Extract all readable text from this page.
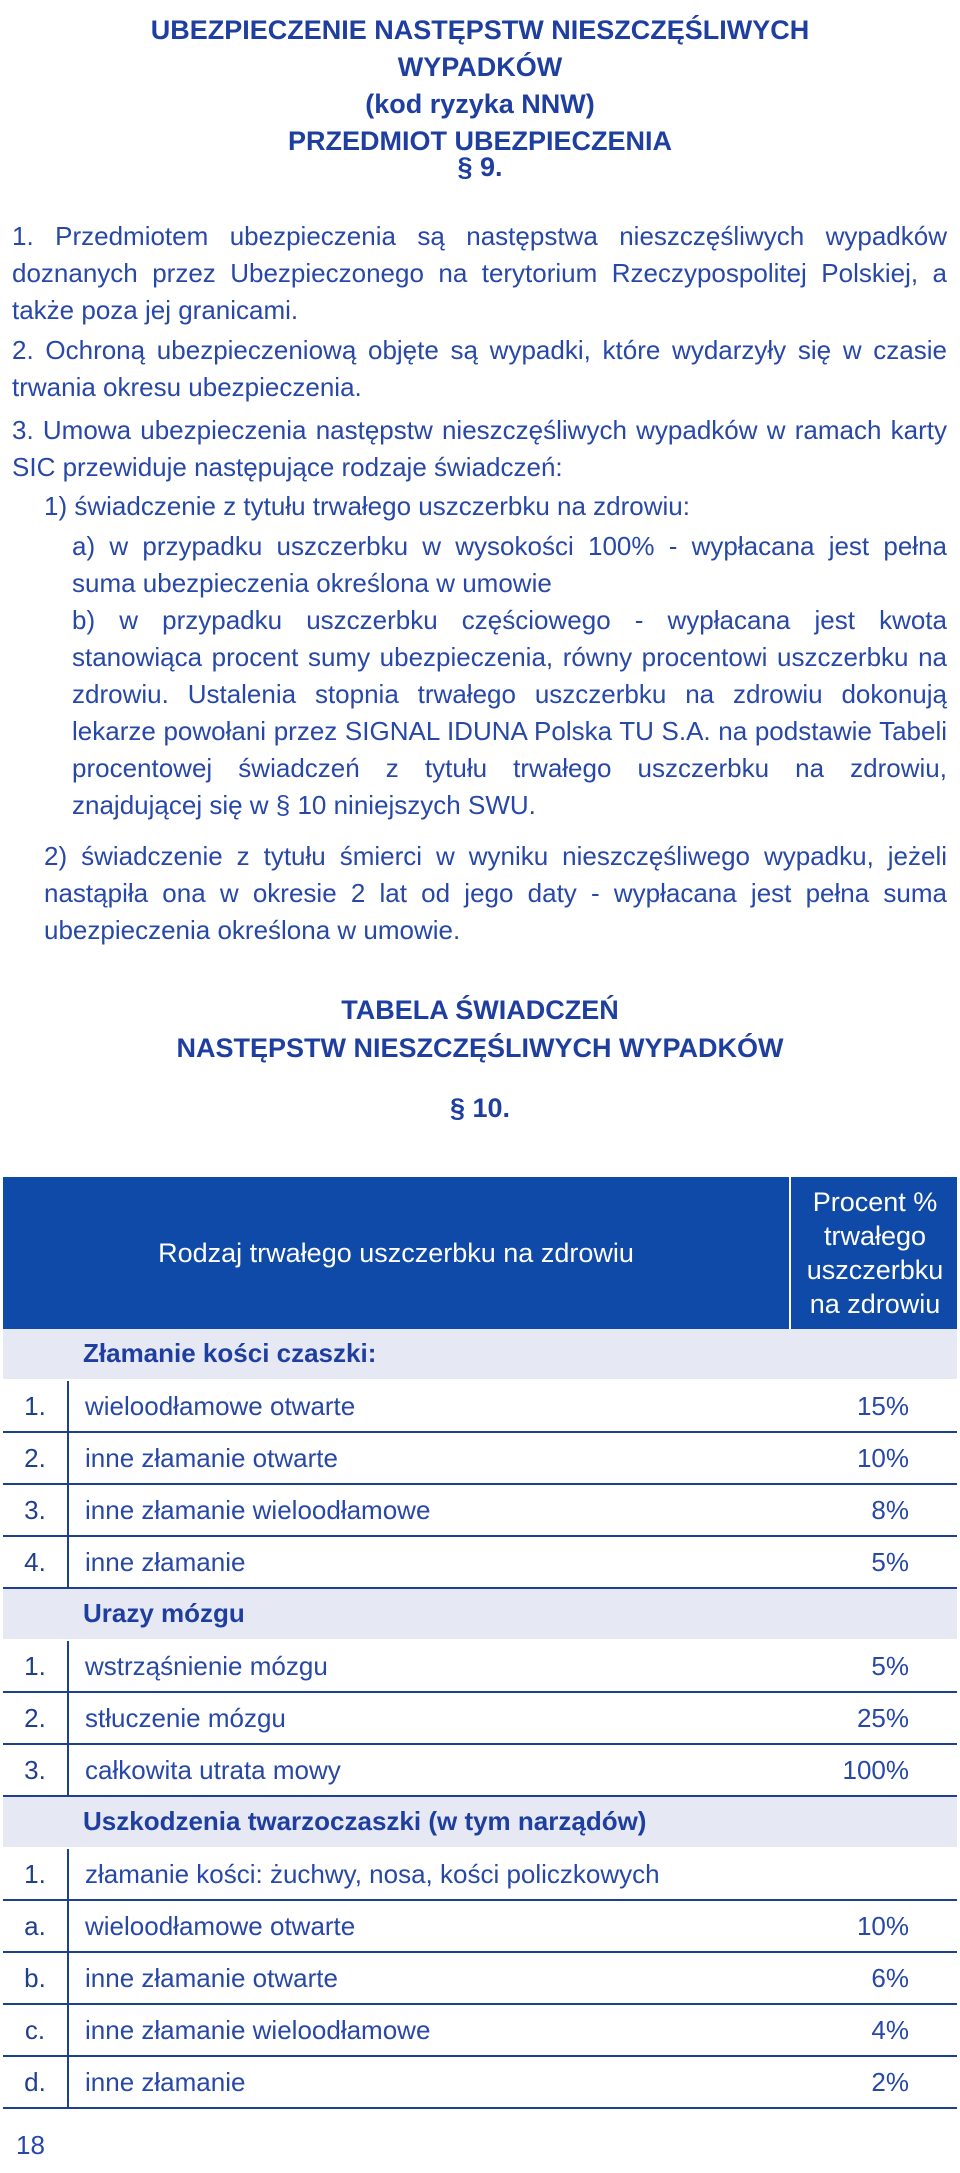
UBEZPIECZENIE NASTĘPSTW NIESZCZĘŚLIWYCH WYPADKÓW
(kod ryzyka NNW)
PRZEDMIOT UBEZPIECZENIA
§ 9.
1. Przedmiotem ubezpieczenia są następstwa nieszczęśliwych wypadków doznanych przez Ubezpieczonego na terytorium Rzeczypospolitej Polskiej, a także poza jej granicami.
2. Ochroną ubezpieczeniową objęte są wypadki, które wydarzyły się w czasie trwania okresu ubezpieczenia.
3. Umowa ubezpieczenia następstw nieszczęśliwych wypadków w ramach karty SIC przewiduje następujące rodzaje świadczeń:
1) świadczenie z tytułu trwałego uszczerbku na zdrowiu:
a) w przypadku uszczerbku w wysokości 100% - wypłacana jest pełna suma ubezpieczenia określona w umowie
b) w przypadku uszczerbku częściowego - wypłacana jest kwota stanowiąca procent sumy ubezpieczenia, równy procentowi uszczerbku na zdrowiu. Ustalenia stopnia trwałego uszczerbku na zdrowiu dokonują lekarze powołani przez SIGNAL IDUNA Polska TU S.A. na podstawie Tabeli procentowej świadczeń z tytułu trwałego uszczerbku na zdrowiu, znajdującej się w § 10 niniejszych SWU.
2) świadczenie z tytułu śmierci w wyniku nieszczęśliwego wypadku, jeżeli nastąpiła ona w okresie 2 lat od jego daty - wypłacana jest pełna suma ubezpieczenia określona w umowie.
TABELA ŚWIADCZEŃ
NASTĘPSTW NIESZCZĘŚLIWYCH WYPADKÓW
§ 10.
Rodzaj trwałego uszczerbku na zdrowiu
Procent %
trwałego
uszczerbku
na zdrowiu
Złamanie kości czaszki:
1.	wieloodłamowe otwarte	15%
2.	inne złamanie otwarte	10%
3.	inne złamanie wieloodłamowe	8%
4.	inne złamanie	5%
Urazy mózgu
1.	wstrząśnienie mózgu	5%
2.	stłuczenie mózgu	25%
3.	całkowita utrata mowy	100%
Uszkodzenia twarzoczaszki (w tym narządów)
1.	złamanie kości: żuchwy, nosa, kości policzkowych
a.	wieloodłamowe otwarte	10%
b.	inne złamanie otwarte	6%
c.	inne złamanie wieloodłamowe	4%
d.	inne złamanie	2%
18
